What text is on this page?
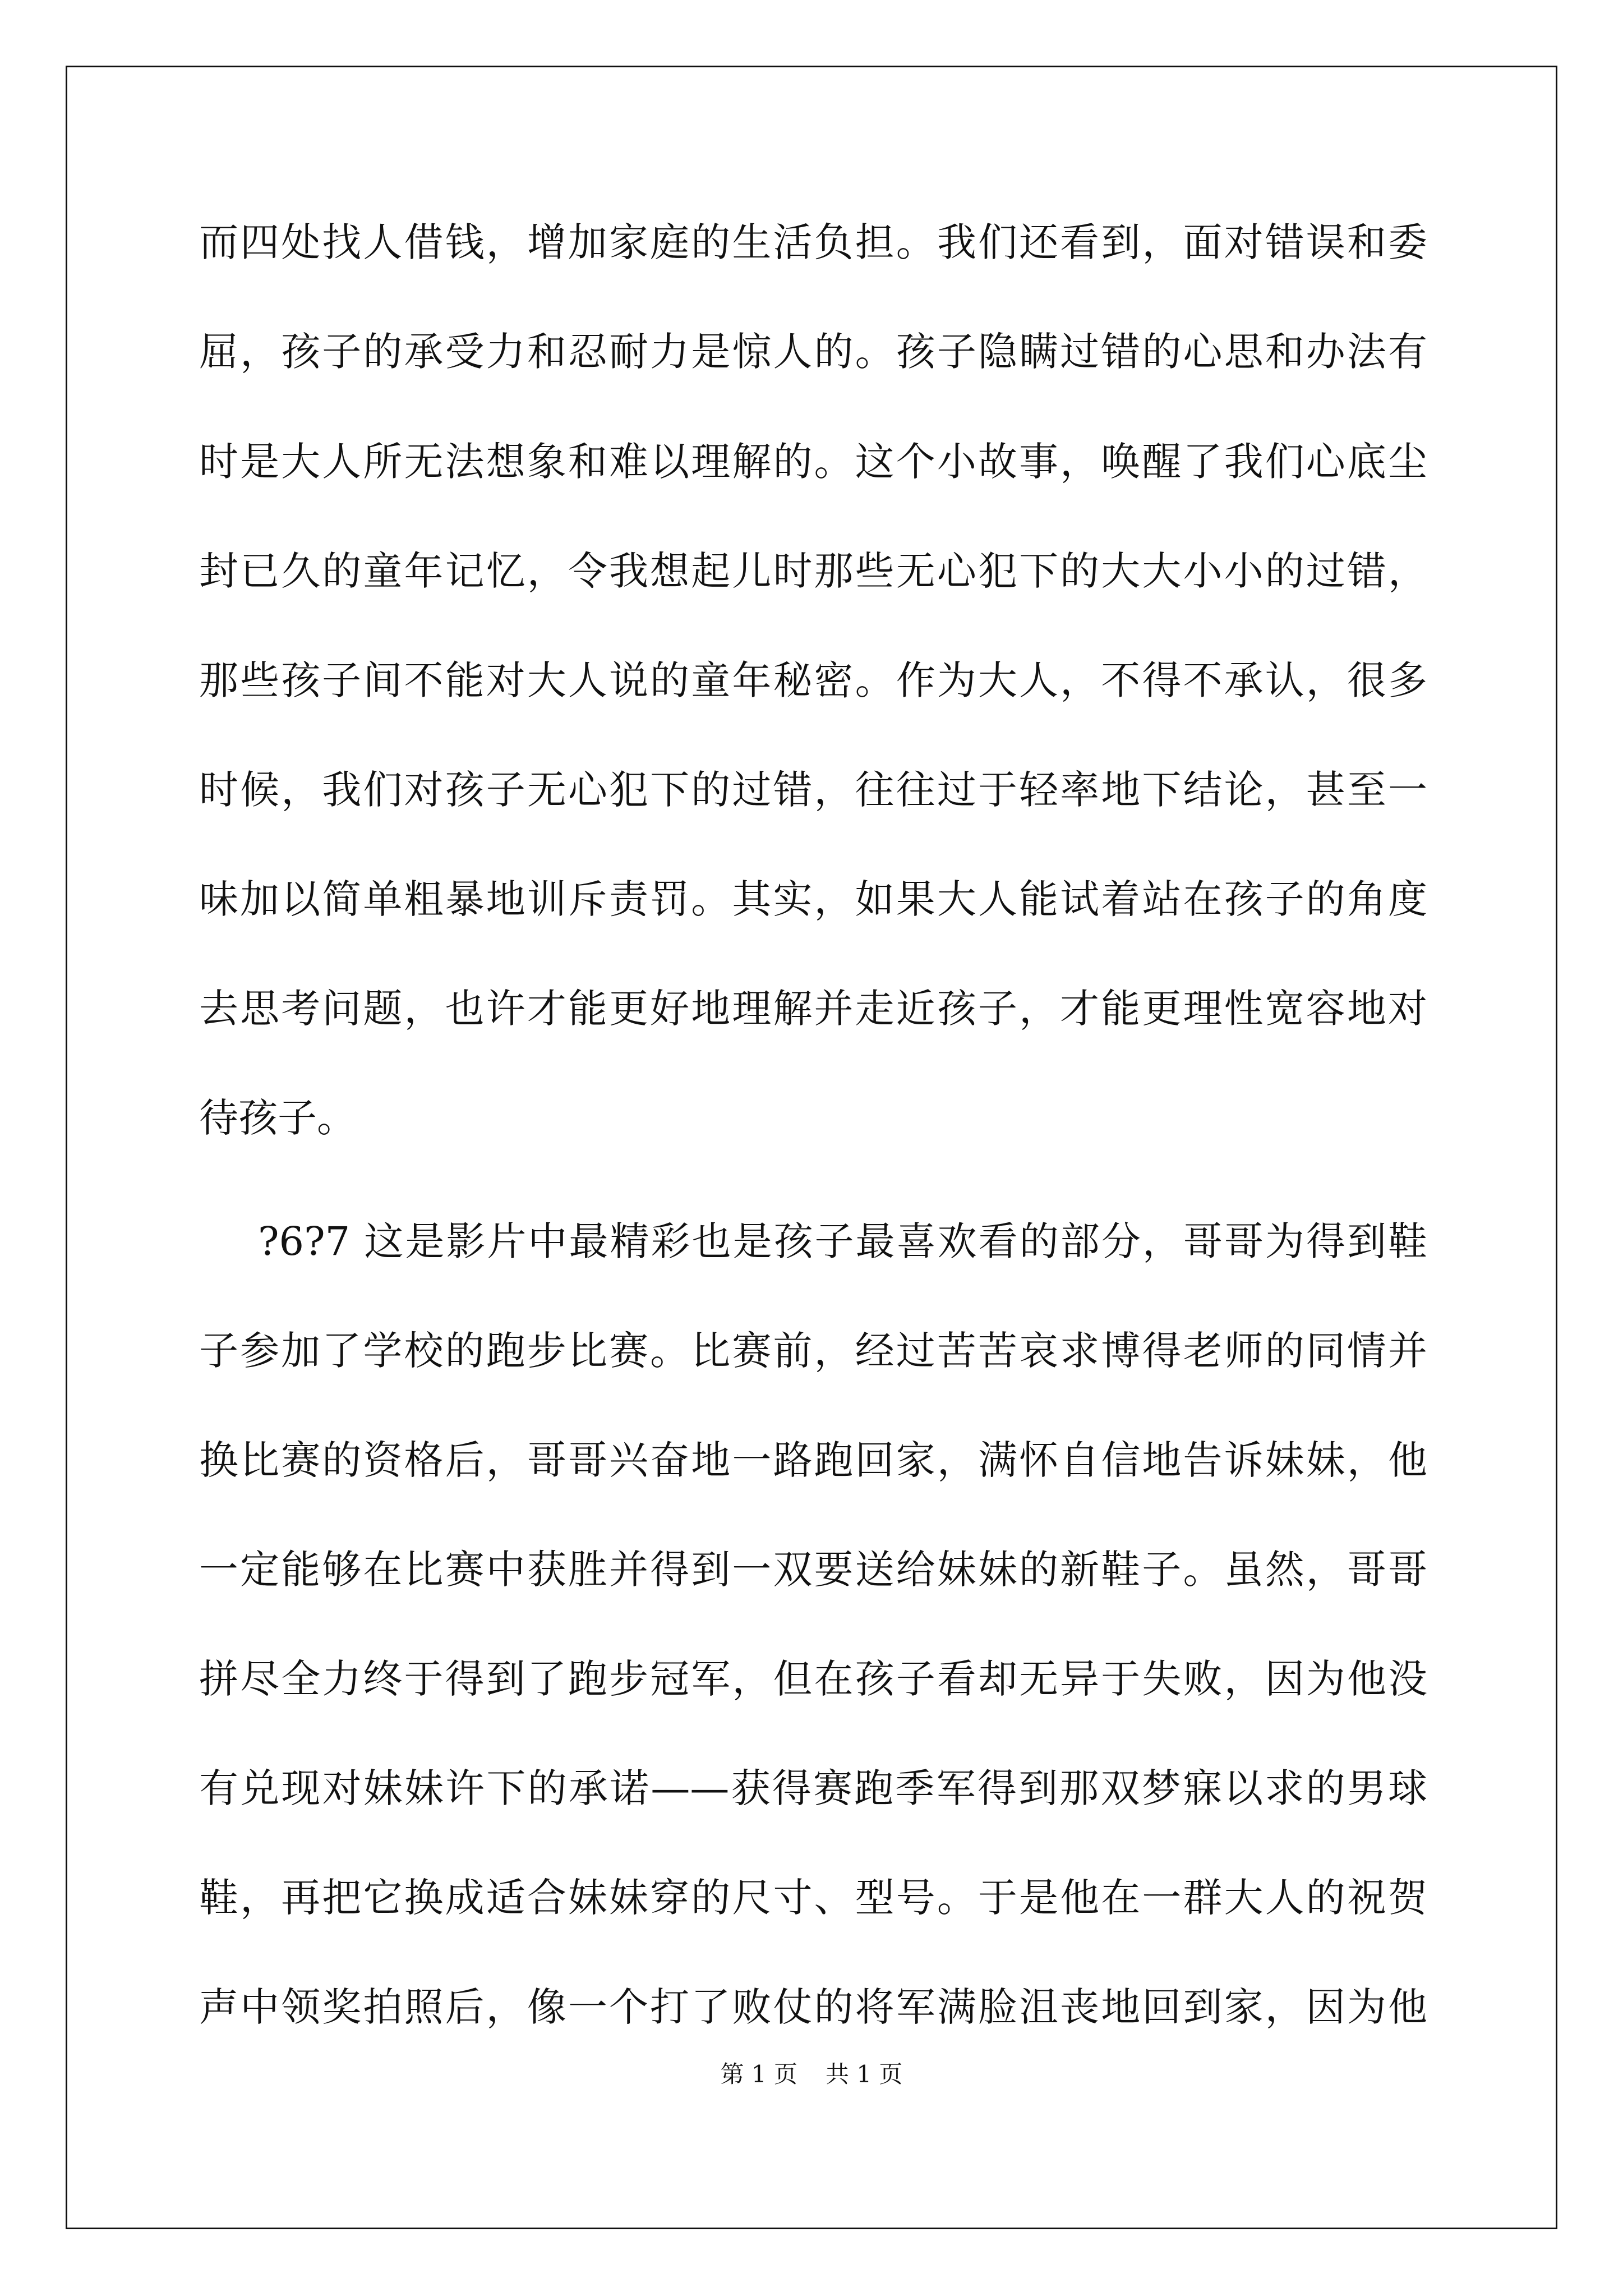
而四处找人借钱，增加家庭的生活负担。我们还看到，面对错误和委
屈，孩子的承受力和忍耐力是惊人的。孩子隐瞒过错的心思和办法有
时是大人所无法想象和难以理解的。这个小故事，唤醒了我们心底尘
封已久的童年记忆，令我想起儿时那些无心犯下的大大小小的过错，
那些孩子间不能对大人说的童年秘密。作为大人，不得不承认，很多
时候，我们对孩子无心犯下的过错，往往过于轻率地下结论，甚至一
味加以简单粗暴地训斥责罚。其实，如果大人能试着站在孩子的角度
去思考问题，也许才能更好地理解并走近孩子，才能更理性宽容地对
待孩子。
?6?7 这是影片中最精彩也是孩子最喜欢看的部分，哥哥为得到鞋
子参加了学校的跑步比赛。比赛前，经过苦苦哀求博得老师的同情并
换比赛的资格后，哥哥兴奋地一路跑回家，满怀自信地告诉妹妹，他
一定能够在比赛中获胜并得到一双要送给妹妹的新鞋子。虽然，哥哥
拼尽全力终于得到了跑步冠军，但在孩子看却无异于失败，因为他没
有兑现对妹妹许下的承诺——获得赛跑季军得到那双梦寐以求的男球
鞋，再把它换成适合妹妹穿的尺寸、型号。于是他在一群大人的祝贺
声中领奖拍照后，像一个打了败仗的将军满脸沮丧地回到家，因为他
第 1 页 共 1 页
